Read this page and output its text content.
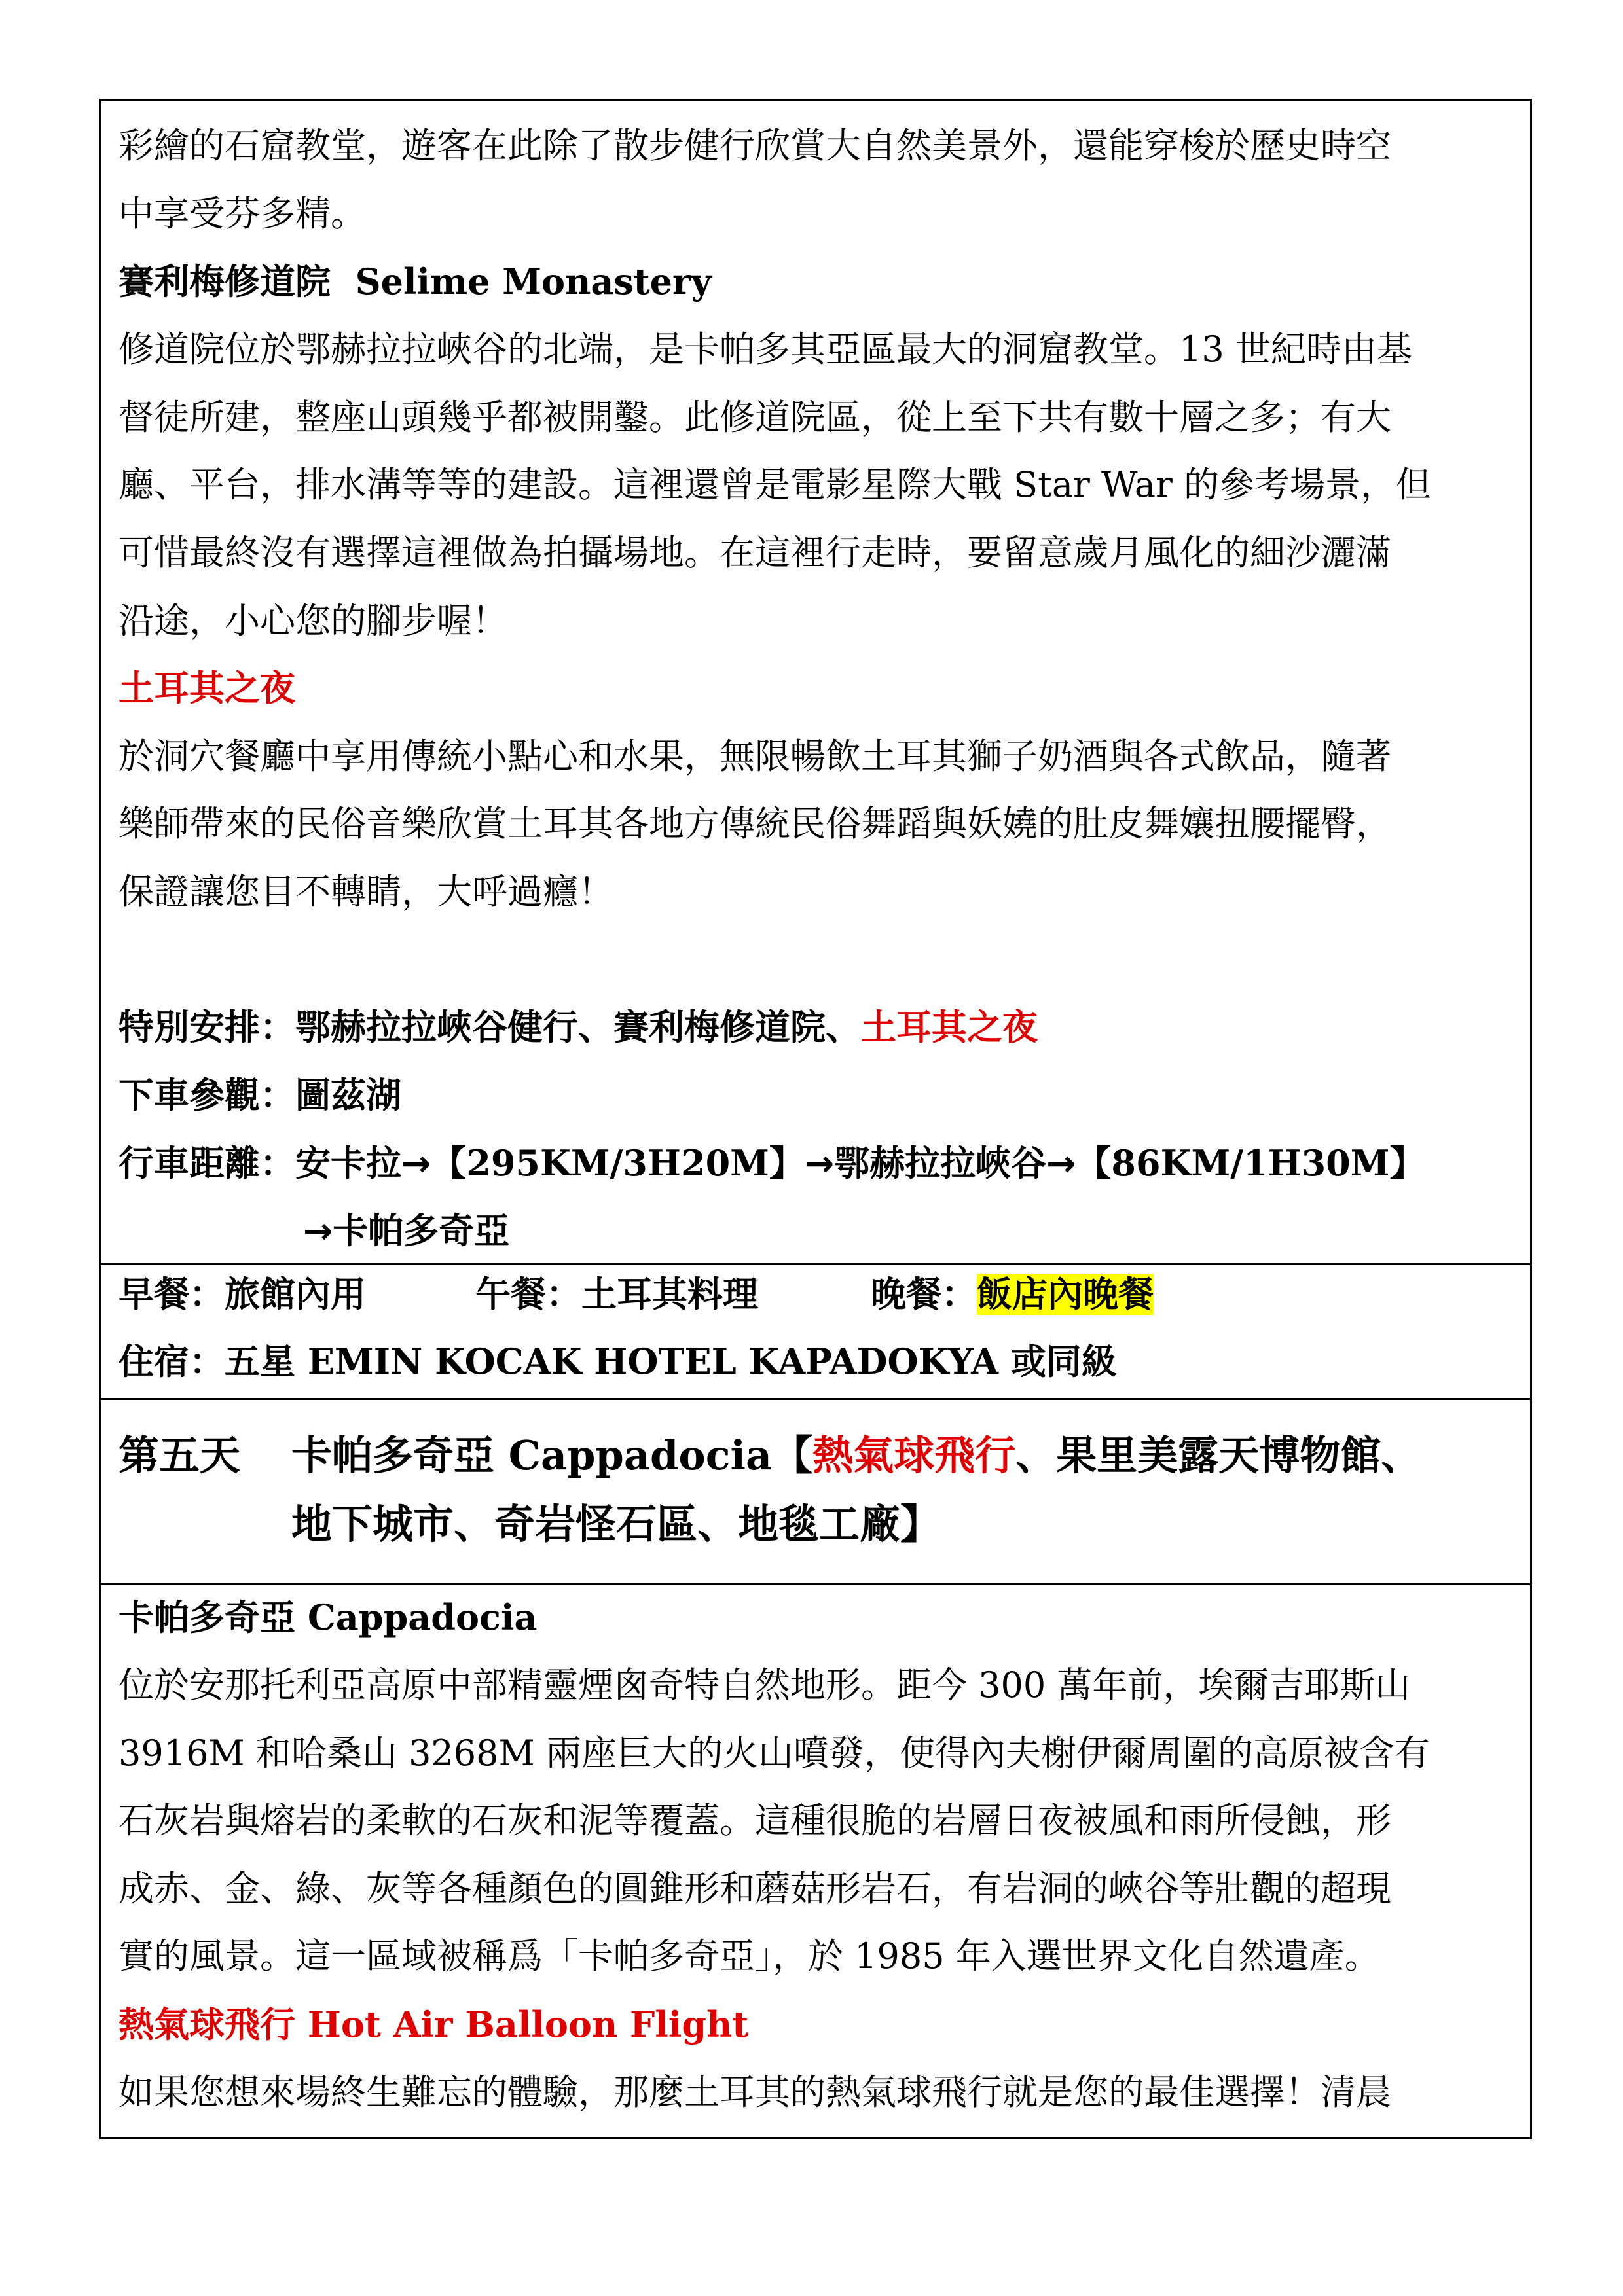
彩繪的石窟教堂，遊客在此除了散步健行欣賞大自然美景外，還能穿梭於歷史時空
中享受芬多精。
賽利梅修道院 Selime Monastery
修道院位於鄂赫拉拉峽谷的北端，是卡帕多其亞區最大的洞窟教堂。13 世紀時由基
督徒所建，整座山頭幾乎都被開鑿。此修道院區，從上至下共有數十層之多；有大
廳、平台，排水溝等等的建設。這裡還曾是電影星際大戰 Star War 的參考場景，但
可惜最終沒有選擇這裡做為拍攝場地。在這裡行走時，要留意歲月風化的細沙灑滿
沿途，小心您的腳步喔！
土耳其之夜
於洞穴餐廳中享用傳統小點心和水果，無限暢飲土耳其獅子奶酒與各式飲品，隨著
樂師帶來的民俗音樂欣賞土耳其各地方傳統民俗舞蹈與妖嬈的肚皮舞孃扭腰擺臀，
保證讓您目不轉睛，大呼過癮！
特別安排：鄂赫拉拉峽谷健行、賽利梅修道院、土耳其之夜
下車參觀：圖茲湖
行車距離：安卡拉→【295KM/3H20M】→鄂赫拉拉峽谷→【86KM/1H30M】
→卡帕多奇亞
早餐：旅館內用	午餐：土耳其料理	晚餐：飯店內晚餐
住宿：五星 EMIN KOCAK HOTEL KAPADOKYA 或同級
第五天 卡帕多奇亞 Cappadocia【熱氣球飛行、果里美露天博物館、
地下城市、奇岩怪石區、地毯工廠】
卡帕多奇亞 Cappadocia
位於安那托利亞高原中部精靈煙囪奇特自然地形。距今 300 萬年前，埃爾吉耶斯山
3916M 和哈桑山 3268M 兩座巨大的火山噴發，使得內夫榭伊爾周圍的高原被含有
石灰岩與熔岩的柔軟的石灰和泥等覆蓋。這種很脆的岩層日夜被風和雨所侵蝕，形
成赤、金、綠、灰等各種顏色的圓錐形和蘑菇形岩石，有岩洞的峽谷等壯觀的超現
實的風景。這一區域被稱爲「卡帕多奇亞」，於 1985 年入選世界文化自然遺產。
熱氣球飛行 Hot Air Balloon Flight
如果您想來場終生難忘的體驗，那麼土耳其的熱氣球飛行就是您的最佳選擇！清晨
